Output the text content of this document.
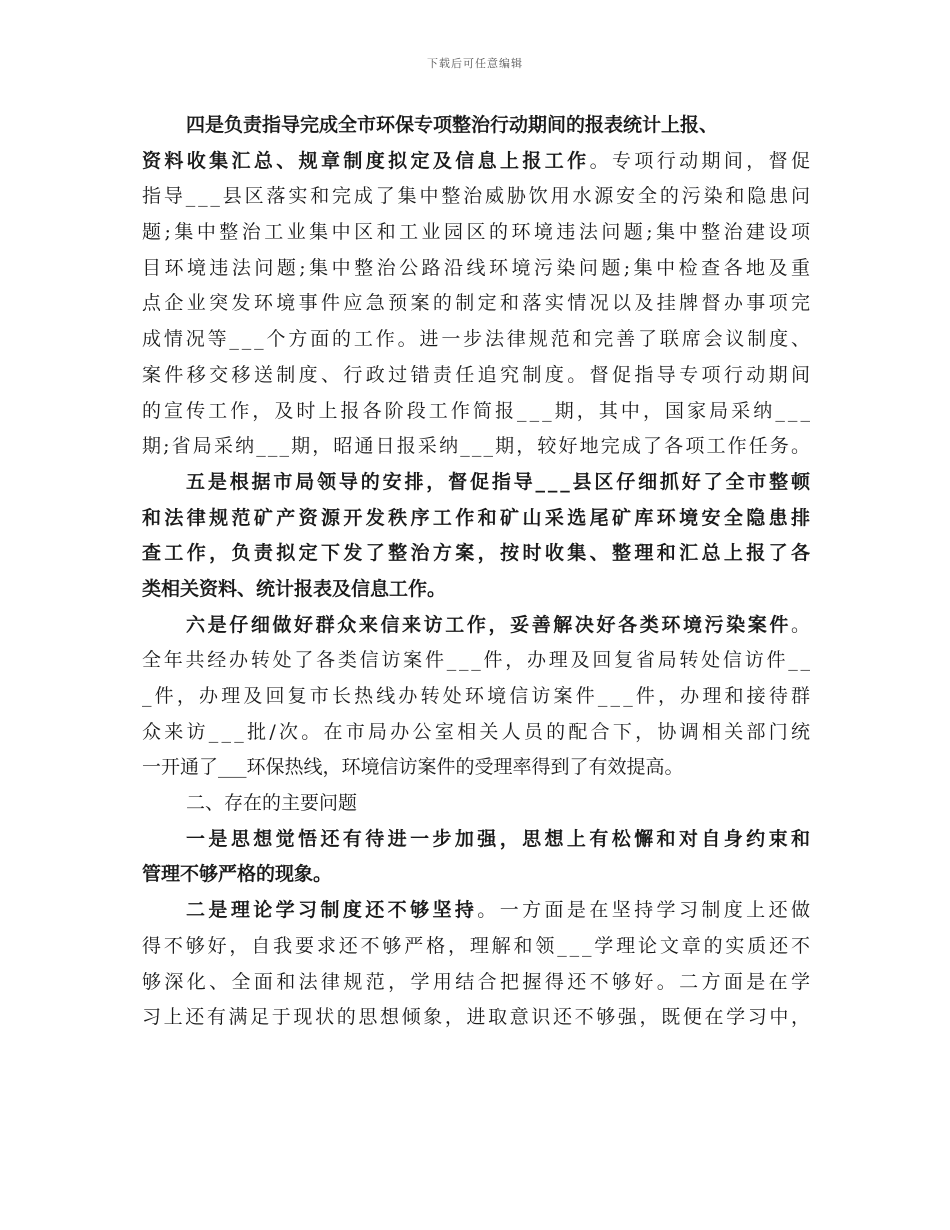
下载后可任意编辑
四是负责指导完成全市环保专项整治行动期间的报表统计上报、
资料收集汇总、规章制度拟定及信息上报工作。专项行动期间，督促
指导___县区落实和完成了集中整治威胁饮用水源安全的污染和隐患问
题;集中整治工业集中区和工业园区的环境违法问题;集中整治建设项
目环境违法问题;集中整治公路沿线环境污染问题;集中检查各地及重
点企业突发环境事件应急预案的制定和落实情况以及挂牌督办事项完
成情况等___个方面的工作。进一步法律规范和完善了联席会议制度、
案件移交移送制度、行政过错责任追究制度。督促指导专项行动期间
的宣传工作，及时上报各阶段工作简报___期，其中，国家局采纳___
期;省局采纳___期，昭通日报采纳___期，较好地完成了各项工作任务。
五是根据市局领导的安排，督促指导___县区仔细抓好了全市整顿
和法律规范矿产资源开发秩序工作和矿山采选尾矿库环境安全隐患排
查工作，负责拟定下发了整治方案，按时收集、整理和汇总上报了各
类相关资料、统计报表及信息工作。
六是仔细做好群众来信来访工作，妥善解决好各类环境污染案件。
全年共经办转处了各类信访案件___件，办理及回复省局转处信访件__
_件，办理及回复市长热线办转处环境信访案件___件，办理和接待群
众来访___批/次。在市局办公室相关人员的配合下，协调相关部门统
一开通了___环保热线，环境信访案件的受理率得到了有效提高。
二、存在的主要问题
一是思想觉悟还有待进一步加强，思想上有松懈和对自身约束和
管理不够严格的现象。
二是理论学习制度还不够坚持。一方面是在坚持学习制度上还做
得不够好，自我要求还不够严格，理解和领___学理论文章的实质还不
够深化、全面和法律规范，学用结合把握得还不够好。二方面是在学
习上还有满足于现状的思想倾象，进取意识还不够强，既便在学习中，
